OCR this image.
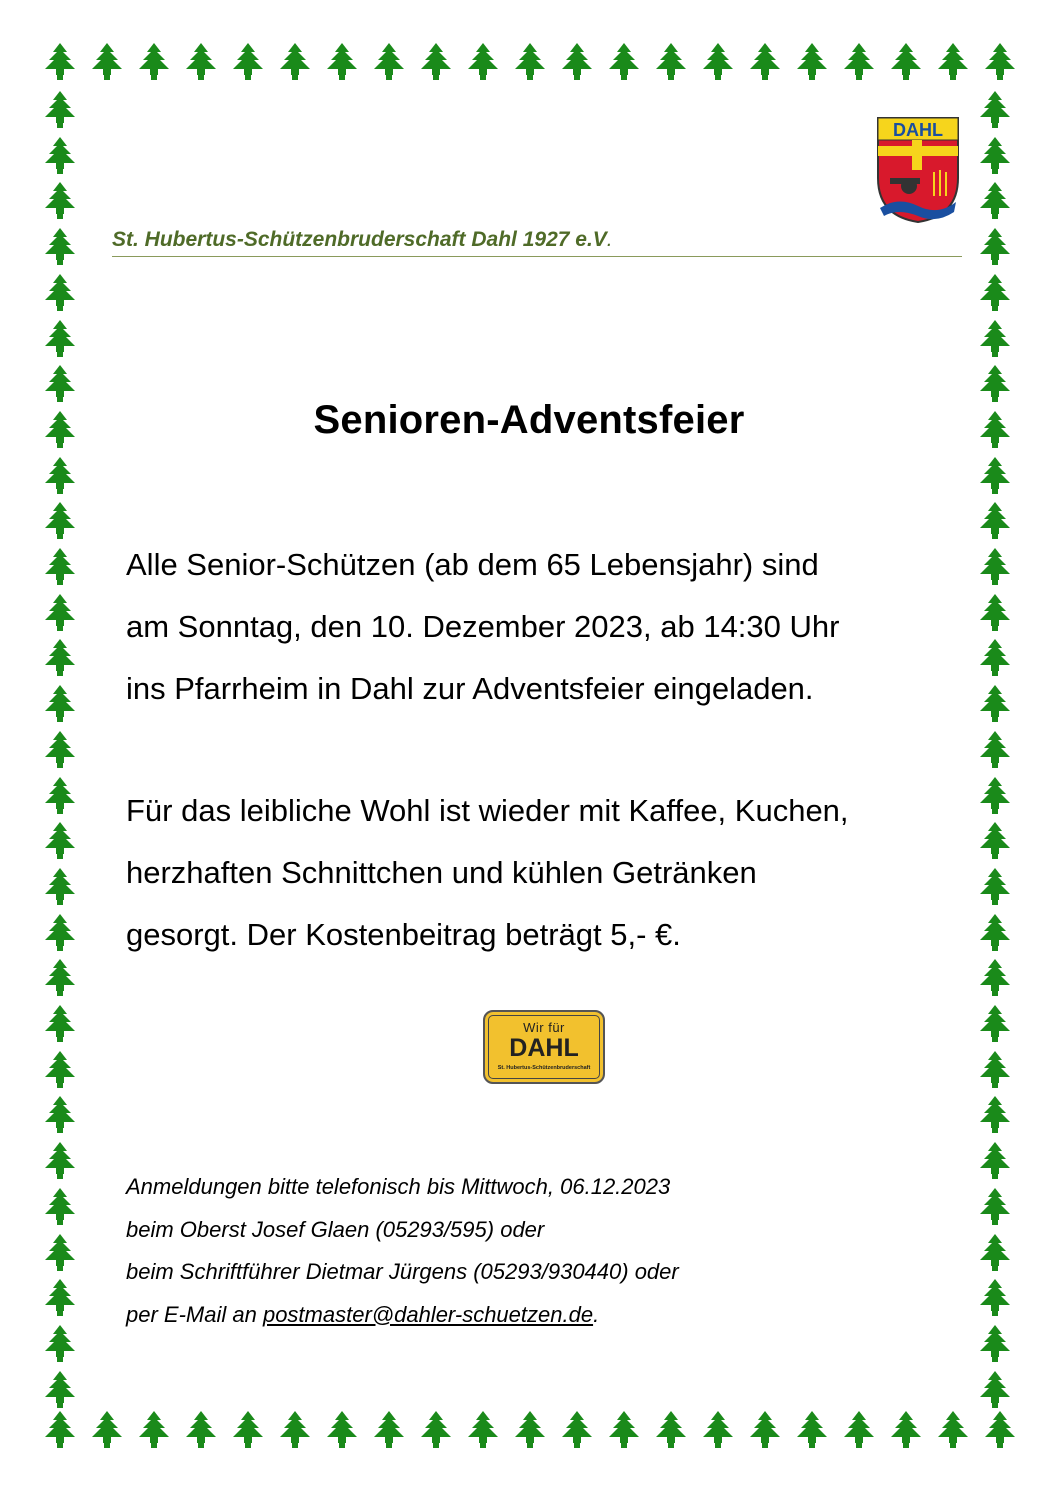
DAHL
St. Hubertus-Schützenbruderschaft Dahl 1927 e.V.
Senioren-Adventsfeier
Alle Senior-Schützen (ab dem 65 Lebensjahr) sind
am Sonntag, den 10. Dezember 2023, ab 14:30 Uhr
ins Pfarrheim in Dahl zur Adventsfeier eingeladen.
Für das leibliche Wohl ist wieder mit Kaffee, Kuchen,
herzhaften Schnittchen und kühlen Getränken
gesorgt. Der Kostenbeitrag beträgt 5,- €.
Wir für
DAHL
St. Hubertus-Schützenbruderschaft
Anmeldungen bitte telefonisch bis Mittwoch, 06.12.2023
beim Oberst Josef Glaen (05293/595) oder
beim Schriftführer Dietmar Jürgens (05293/930440) oder
per E-Mail an postmaster@dahler-schuetzen.de.
